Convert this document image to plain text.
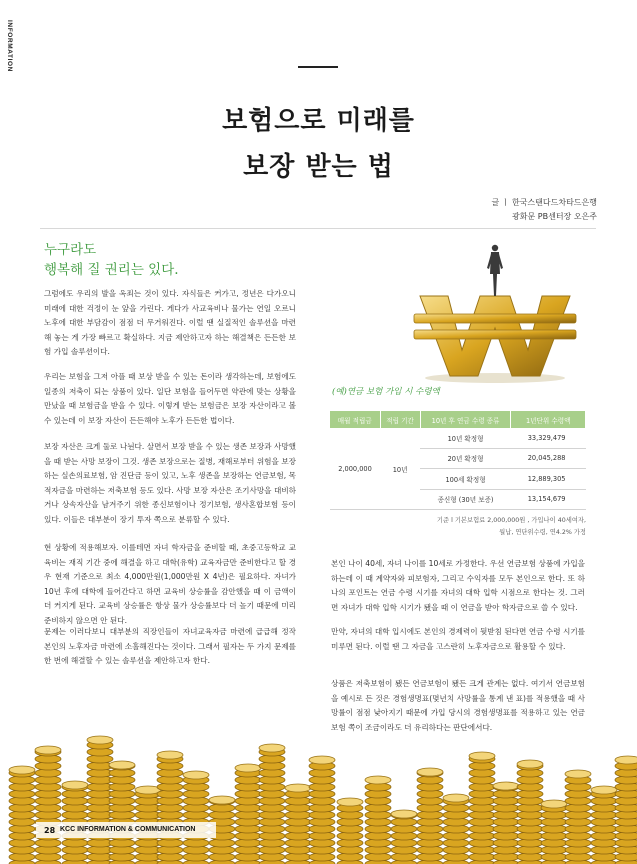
INFORMATION
보험으로 미래를
보장 받는 법
글 ㅣ 한국스탠다드차타드은행
광화문 PB센터장 오은주
누구라도
행복해 질 권리는 있다.

그럼에도 우리의 발을 옥죄는 것이 있다. 자식들은 커가고, 정년은 다가오니 미래에 대한 걱정이 눈 앞을 가린다. 게다가 사교육비나 물가는 연일 오르니 노후에 대한 부담감이 점점 더 무거워진다. 이럴 땐 실질적인 솔루션을 마련해 놓는 게 가장 빠르고 확실하다. 지금 제안하고자 하는 해결책은 든든한 보험 가입 솔루션이다.

우리는 보험을 그저 아플 때 보상 받을 수 있는 돈이라 생각하는데, 보험에도 일종의 저축이 되는 상품이 있다. 일단 보험을 들어두면 약관에 맞는 상황을 만났을 때 보험금을 받을 수 있다. 이렇게 받는 보험금은 보장 자산이라고 볼 수 있는데 이 보장 자산이 든든해야 노후가 든든한 법이다.

보장 자산은 크게 둘로 나뉜다. 살면서 보장 받을 수 있는 생존 보장과 사망했을 때 받는 사망 보장이 그것. 생존 보장으로는 질병, 재해로부터 위험을 보장하는 실손의료보험, 암 진단금 등이 있고, 노후 생존을 보장하는 연금보험, 목적자금을 마련하는 저축보험 등도 있다. 사망 보장 자산은 조기사망을 대비하거나 상속자산을 남겨주기 위한 종신보험이나 정기보험, 생사혼합보험 등이 있다. 이들은 대부분이 장기 투자 쪽으로 분류할 수 있다.

현 상황에 적용해보자. 이를테면 자녀 학자금을 준비할 때, 초중고등학교 교육비는 재직 기간 중에 해결을 하고 대학(유학) 교육자금만 준비한다고 할 경우 현재 기준으로 최소 4,000만원(1,000만원 X 4년)은 필요하다. 자녀가 10년 후에 대학에 들어간다고 하면 교육비 상승률을 감안했을 때 이 금액이 더 커지게 된다. 교육비 상승률은 항상 물가 상승률보다 더 높기 때문에 미리 준비하지 않으면 안 된다.

문제는 이러다보니 대부분의 직장인들이 자녀교육자금 마련에 급급해 정작 본인의 노후자금 마련에 소홀해진다는 것이다. 그래서 필자는 두 가지 문제를 한 번에 해결할 수 있는 솔루션을 제안하고자 한다.

₩
(예)연금 보험 가입 시 수령액
매월 적립금	적립 기간	10년 후 연금 수령 종류	1년단위 수령액
2,000,000	10년	10년 확정형	33,329,479
		20년 확정형	20,045,288
		100세 확정형	12,889,305
		종신형 (30년 보증)	13,154,679
기준 l 기본보험료 2,000,000원 , 가입나이 40세여자,
월납, 연단위수령, 연4.2% 가정

본인 나이 40세, 자녀 나이를 10세로 가정한다. 우선 연금보험 상품에 가입을 하는데 이 때 계약자와 피보험자, 그리고 수익자를 모두 본인으로 한다. 또 하나의 포인트는 연금 수령 시기를 자녀의 대학 입학 시점으로 한다는 것. 그러면 자녀가 대학 입학 시기가 됐을 때 이 연금을 받아 학자금으로 쓸 수 있다.

만약, 자녀의 대학 입시에도 본인의 경제력이 뒷받침 된다면 연금 수령 시기를 미루면 된다. 이럴 땐 그 자금을 고스란히 노후자금으로 활용할 수 있다.

상품은 저축보험이 됐든 연금보험이 됐든 크게 관계는 없다. 여기서 연금보험을 예시로 든 것은 경험생명표(몇년치 사망률을 통계 낸 표)를 적용했을 때 사망률이 점점 낮아지기 때문에 가입 당시의 경험생명표를 적용하고 있는 연금보험 쪽이 조금이라도 더 유리하다는 판단에서다.

28 KCC INFORMATION & COMMUNICATION
